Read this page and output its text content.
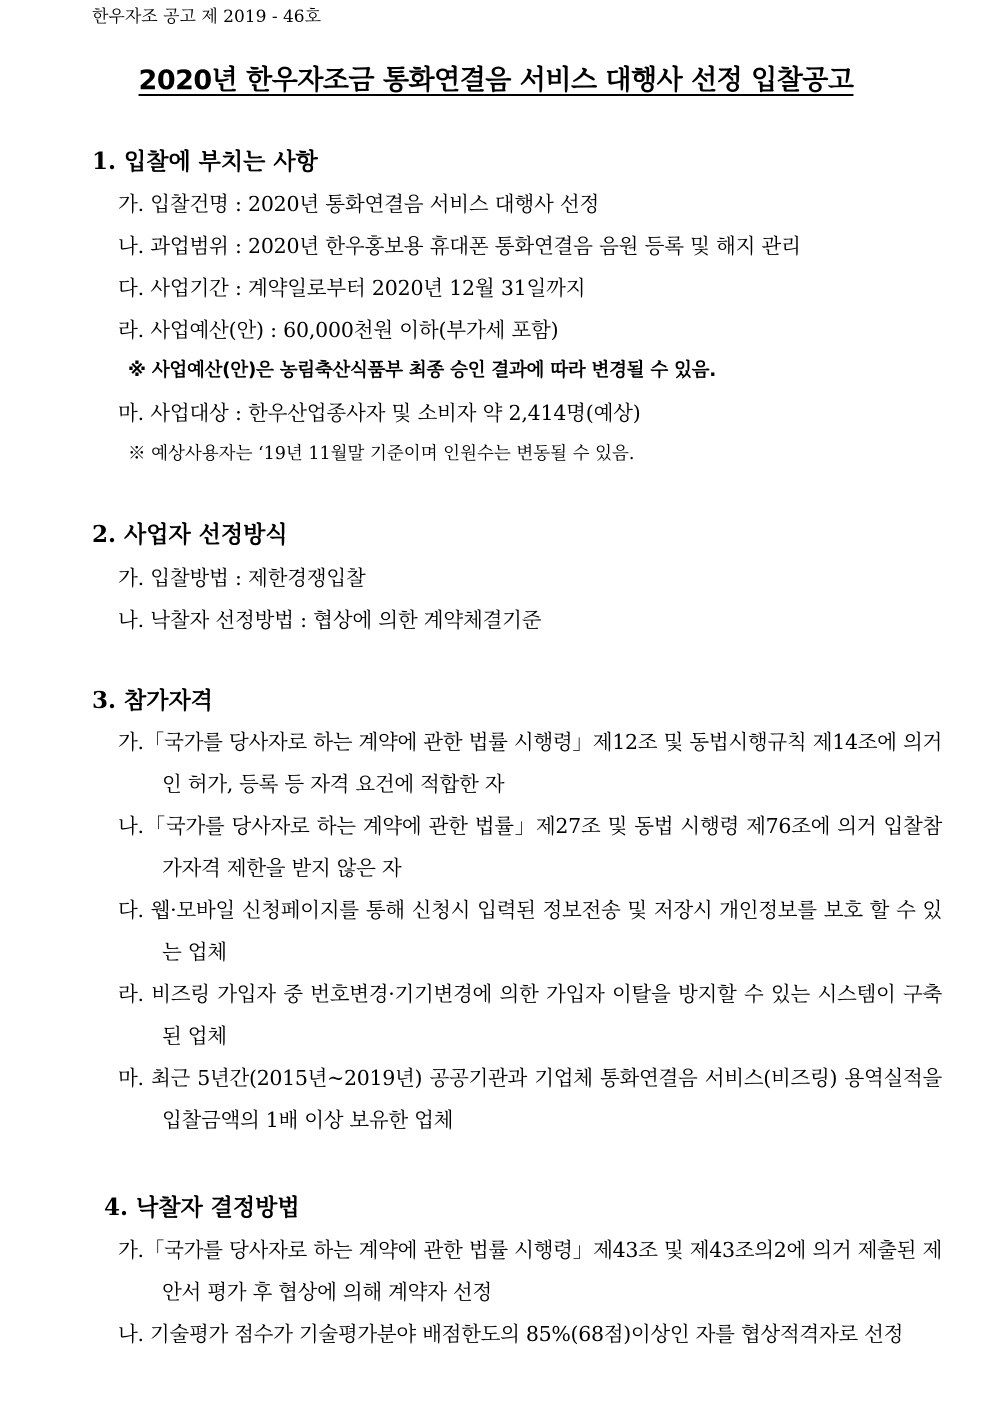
한우자조 공고 제 2019 - 46호
2020년 한우자조금 통화연결음 서비스 대행사 선정 입찰공고
1. 입찰에 부치는 사항
가. 입찰건명 : 2020년 통화연결음 서비스 대행사 선정
나. 과업범위 : 2020년 한우홍보용 휴대폰 통화연결음 음원 등록 및 해지 관리
다. 사업기간 : 계약일로부터 2020년 12월 31일까지
라. 사업예산(안) : 60,000천원 이하(부가세 포함)
※ 사업예산(안)은 농림축산식품부 최종 승인 결과에 따라 변경될 수 있음.
마. 사업대상 : 한우산업종사자 및 소비자 약 2,414명(예상)
※ 예상사용자는 ‘19년 11월말 기준이며 인원수는 변동될 수 있음.
2. 사업자 선정방식
가. 입찰방법 : 제한경쟁입찰
나. 낙찰자 선정방법 : 협상에 의한 계약체결기준
3. 참가자격
가.「국가를 당사자로 하는 계약에 관한 법률 시행령」제12조 및 동법시행규칙 제14조에 의거 인 허가, 등록 등 자격 요건에 적합한 자
나.「국가를 당사자로 하는 계약에 관한 법률」제27조 및 동법 시행령 제76조에 의거 입찰참가자격 제한을 받지 않은 자
다. 웹·모바일 신청페이지를 통해 신청시 입력된 정보전송 및 저장시 개인정보를 보호 할 수 있는 업체
라. 비즈링 가입자 중 번호변경·기기변경에 의한 가입자 이탈을 방지할 수 있는 시스템이 구축된 업체
마. 최근 5년간(2015년~2019년) 공공기관과 기업체 통화연결음 서비스(비즈링) 용역실적을 입찰금액의 1배 이상 보유한 업체
4. 낙찰자 결정방법
가.「국가를 당사자로 하는 계약에 관한 법률 시행령」제43조 및 제43조의2에 의거 제출된 제안서 평가 후 협상에 의해 계약자 선정
나. 기술평가 점수가 기술평가분야 배점한도의 85%(68점)이상인 자를 협상적격자로 선정
